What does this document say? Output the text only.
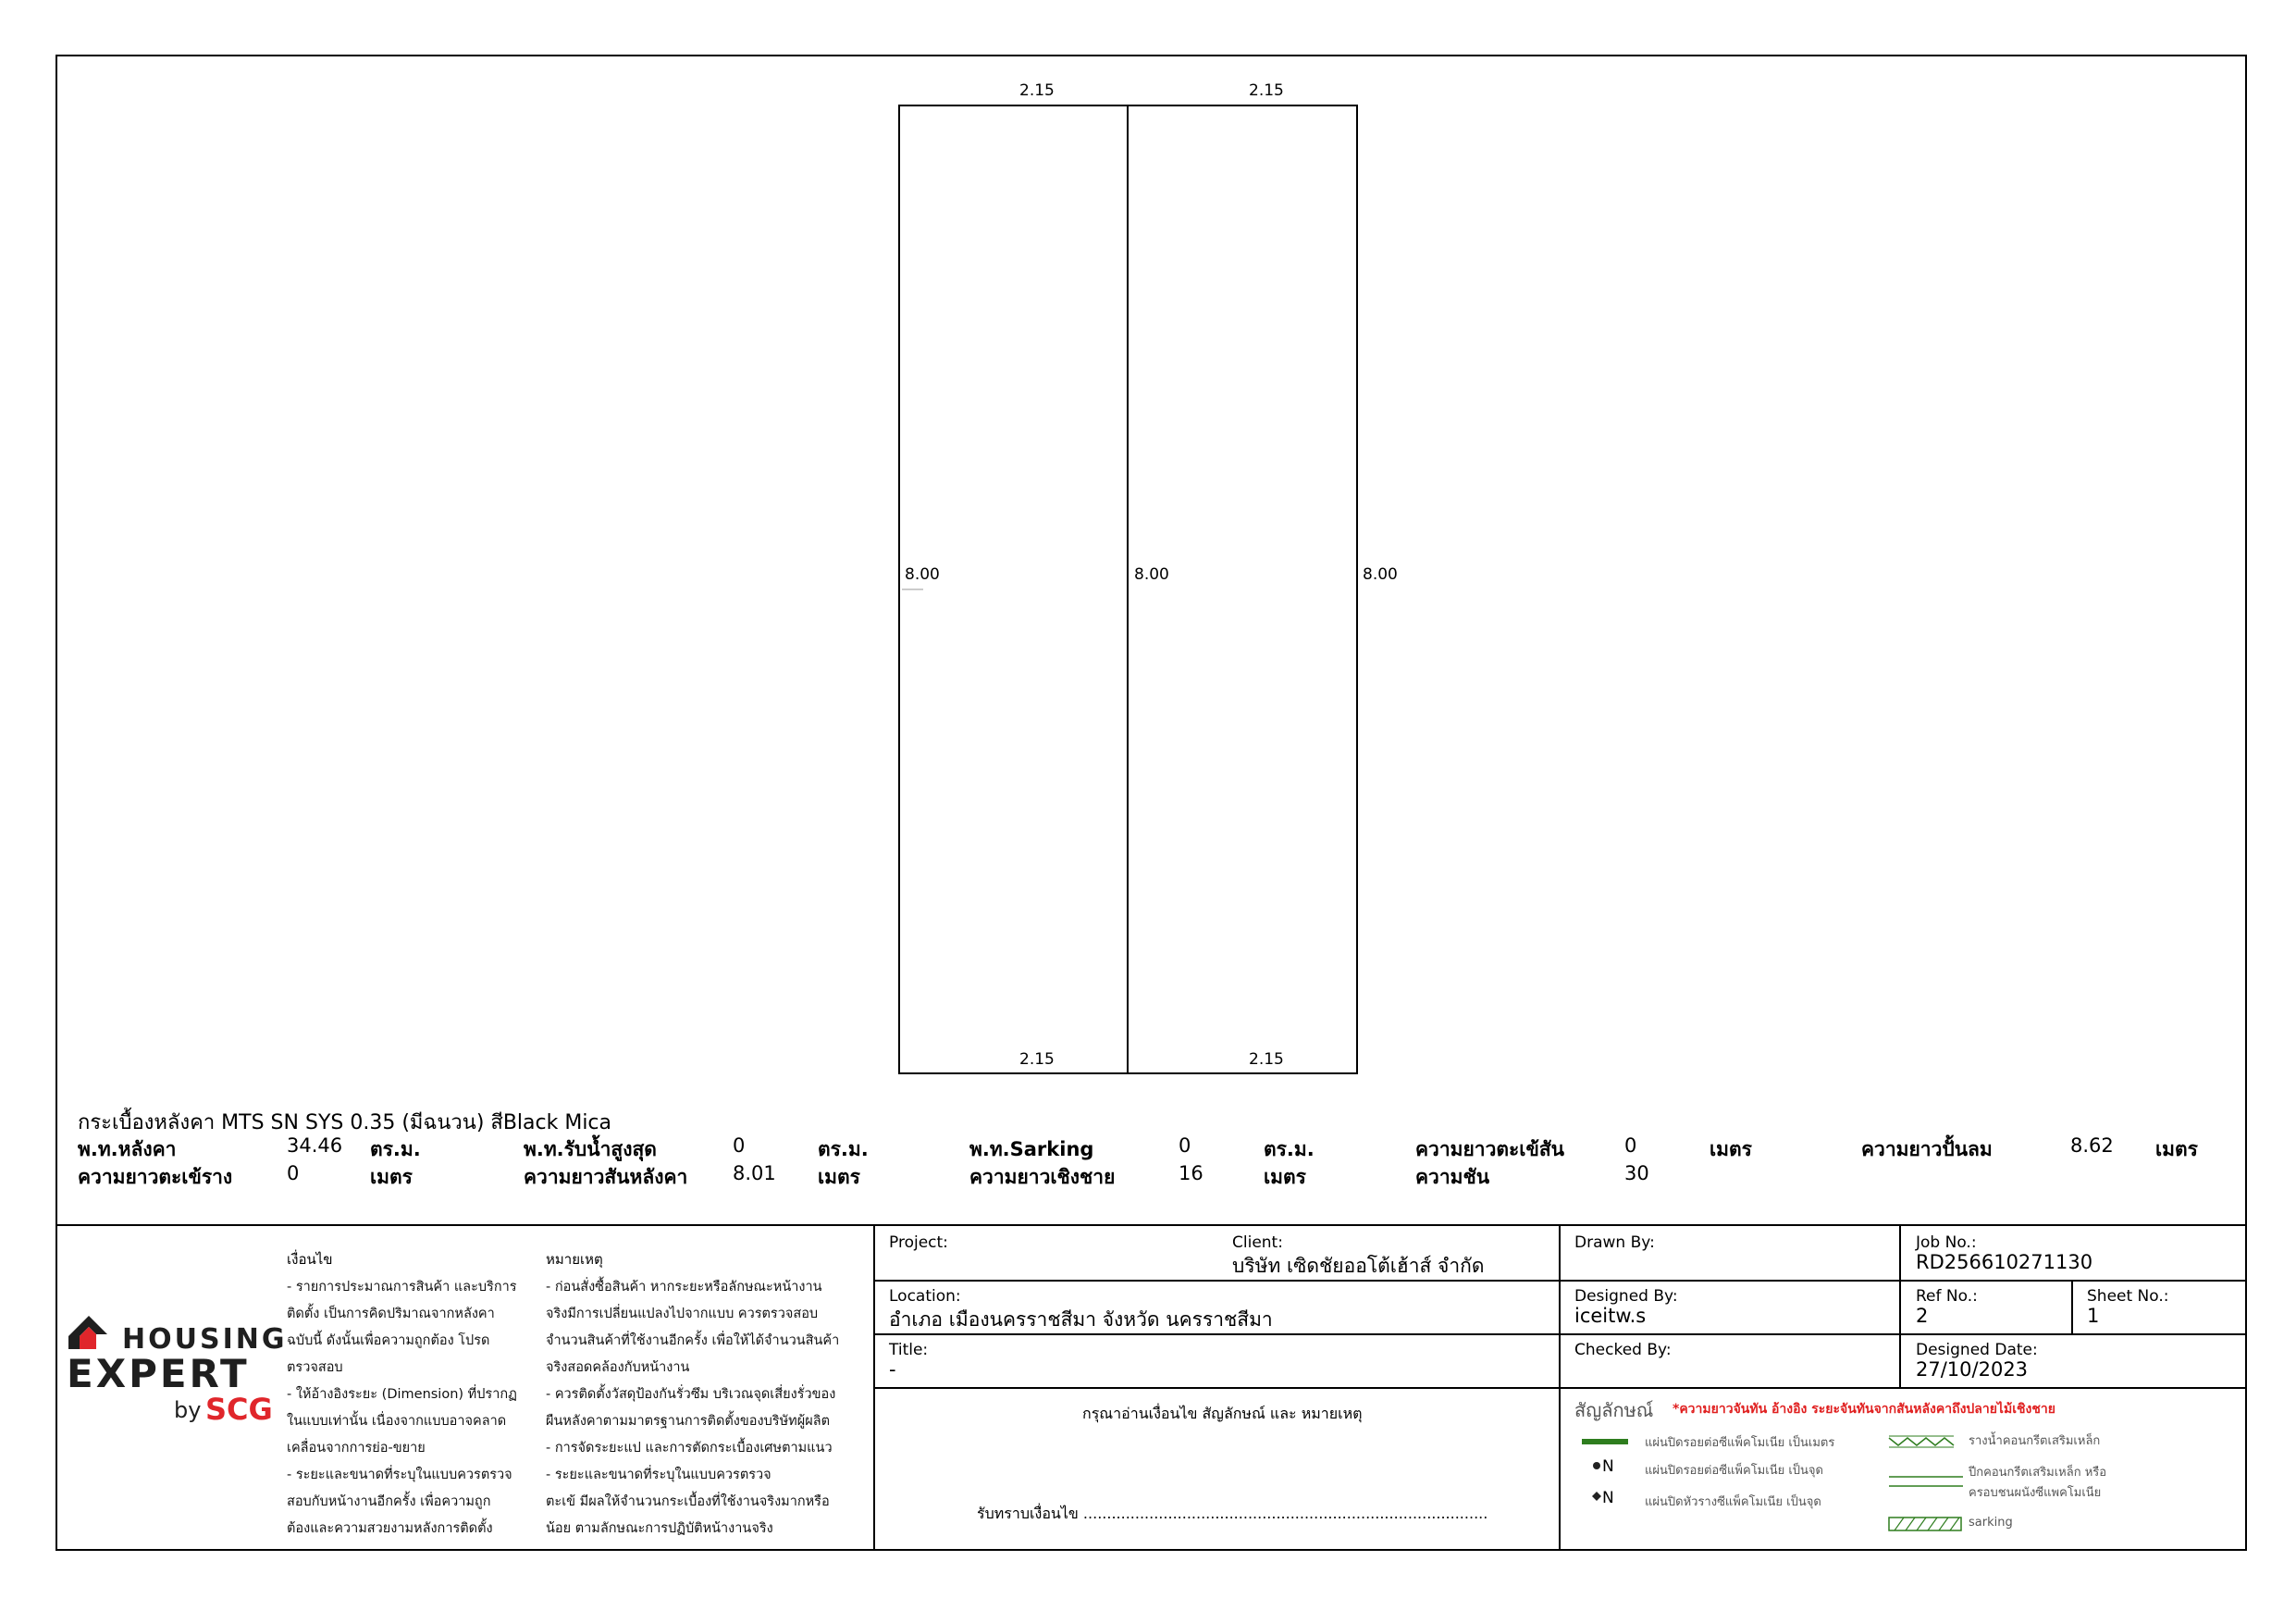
2.15	2.15
2.15	2.15
8.00	8.00	8.00
กระเบื้องหลังคา MTS SN SYS 0.35 (มีฉนวน) สีBlack Mica
พ.ท.หลังคา	34.46 ตร.ม.	พ.ท.รับน้ำสูงสุด	0	ตร.ม.	พ.ท.Sarking	0	ตร.ม.	ความยาวตะเข้สัน	0	เมตร	ความยาวปั้นลม	8.62 เมตร
ความยาวตะเข้ราง	0	เมตร	ความยาวสันหลังคา 8.01 เมตร	ความยาวเชิงชาย	16	เมตร	ความชัน	30
HOUSING
EXPERT
by SCG
เงื่อนไข
- รายการประมาณการสินค้า และบริการ
ติดตั้ง เป็นการคิดปริมาณจากหลังคา
ฉบับนี้ ดังนั้นเพื่อความถูกต้อง โปรด
ตรวจสอบ
- ให้อ้างอิงระยะ (Dimension) ที่ปรากฏ
ในแบบเท่านั้น เนื่องจากแบบอาจคลาด
เคลื่อนจากการย่อ-ขยาย
- ระยะและขนาดที่ระบุในแบบควรตรวจ
สอบกับหน้างานอีกครั้ง เพื่อความถูก
ต้องและความสวยงามหลังการติดตั้ง
หมายเหตุ
- ก่อนสั่งซื้อสินค้า หากระยะหรือลักษณะหน้างาน
จริงมีการเปลี่ยนแปลงไปจากแบบ ควรตรวจสอบ
จำนวนสินค้าที่ใช้งานอีกครั้ง เพื่อให้ได้จำนวนสินค้า
จริงสอดคล้องกับหน้างาน
- ควรติดตั้งวัสดุป้องกันรั่วซึม บริเวณจุดเสี่ยงรั่วของ
ผืนหลังคาตามมาตรฐานการติดตั้งของบริษัทผู้ผลิต
- การจัดระยะแป และการตัดกระเบื้องเศษตามแนว
- ระยะและขนาดที่ระบุในแบบควรตรวจ
ตะเข้ มีผลให้จำนวนกระเบื้องที่ใช้งานจริงมากหรือ
น้อย ตามลักษณะการปฏิบัติหน้างานจริง
Project:	Client:
บริษัท เซิดชัยออโต้เฮ้าส์ จำกัด
Drawn By:	Job No.:
RD256610271130
Location:
อำเภอ เมืองนครราชสีมา จังหวัด นครราชสีมา
Designed By:
iceitw.s
Ref No.:
2
Sheet No.:
1
Title:
-
Checked By:	Designed Date:
27/10/2023
กรุณาอ่านเงื่อนไข สัญลักษณ์ และ หมายเหตุ
รับทราบเงื่อนไข ......................................................................................
สัญลักษณ์ *ความยาวจันทัน อ้างอิง ระยะจันทันจากสันหลังคาถึงปลายไม้เชิงชาย
N
N
แผ่นปิดรอยต่อซีแพ็คโมเนีย เป็นเมตร
แผ่นปิดรอยต่อซีแพ็คโมเนีย เป็นจุด
แผ่นปิดหัวรางซีแพ็คโมเนีย เป็นจุด
รางน้ำคอนกรีตเสริมเหล็ก
ปีกคอนกรีตเสริมเหล็ก หรือ
ครอบชนผนังซีแพคโมเนีย
sarking
